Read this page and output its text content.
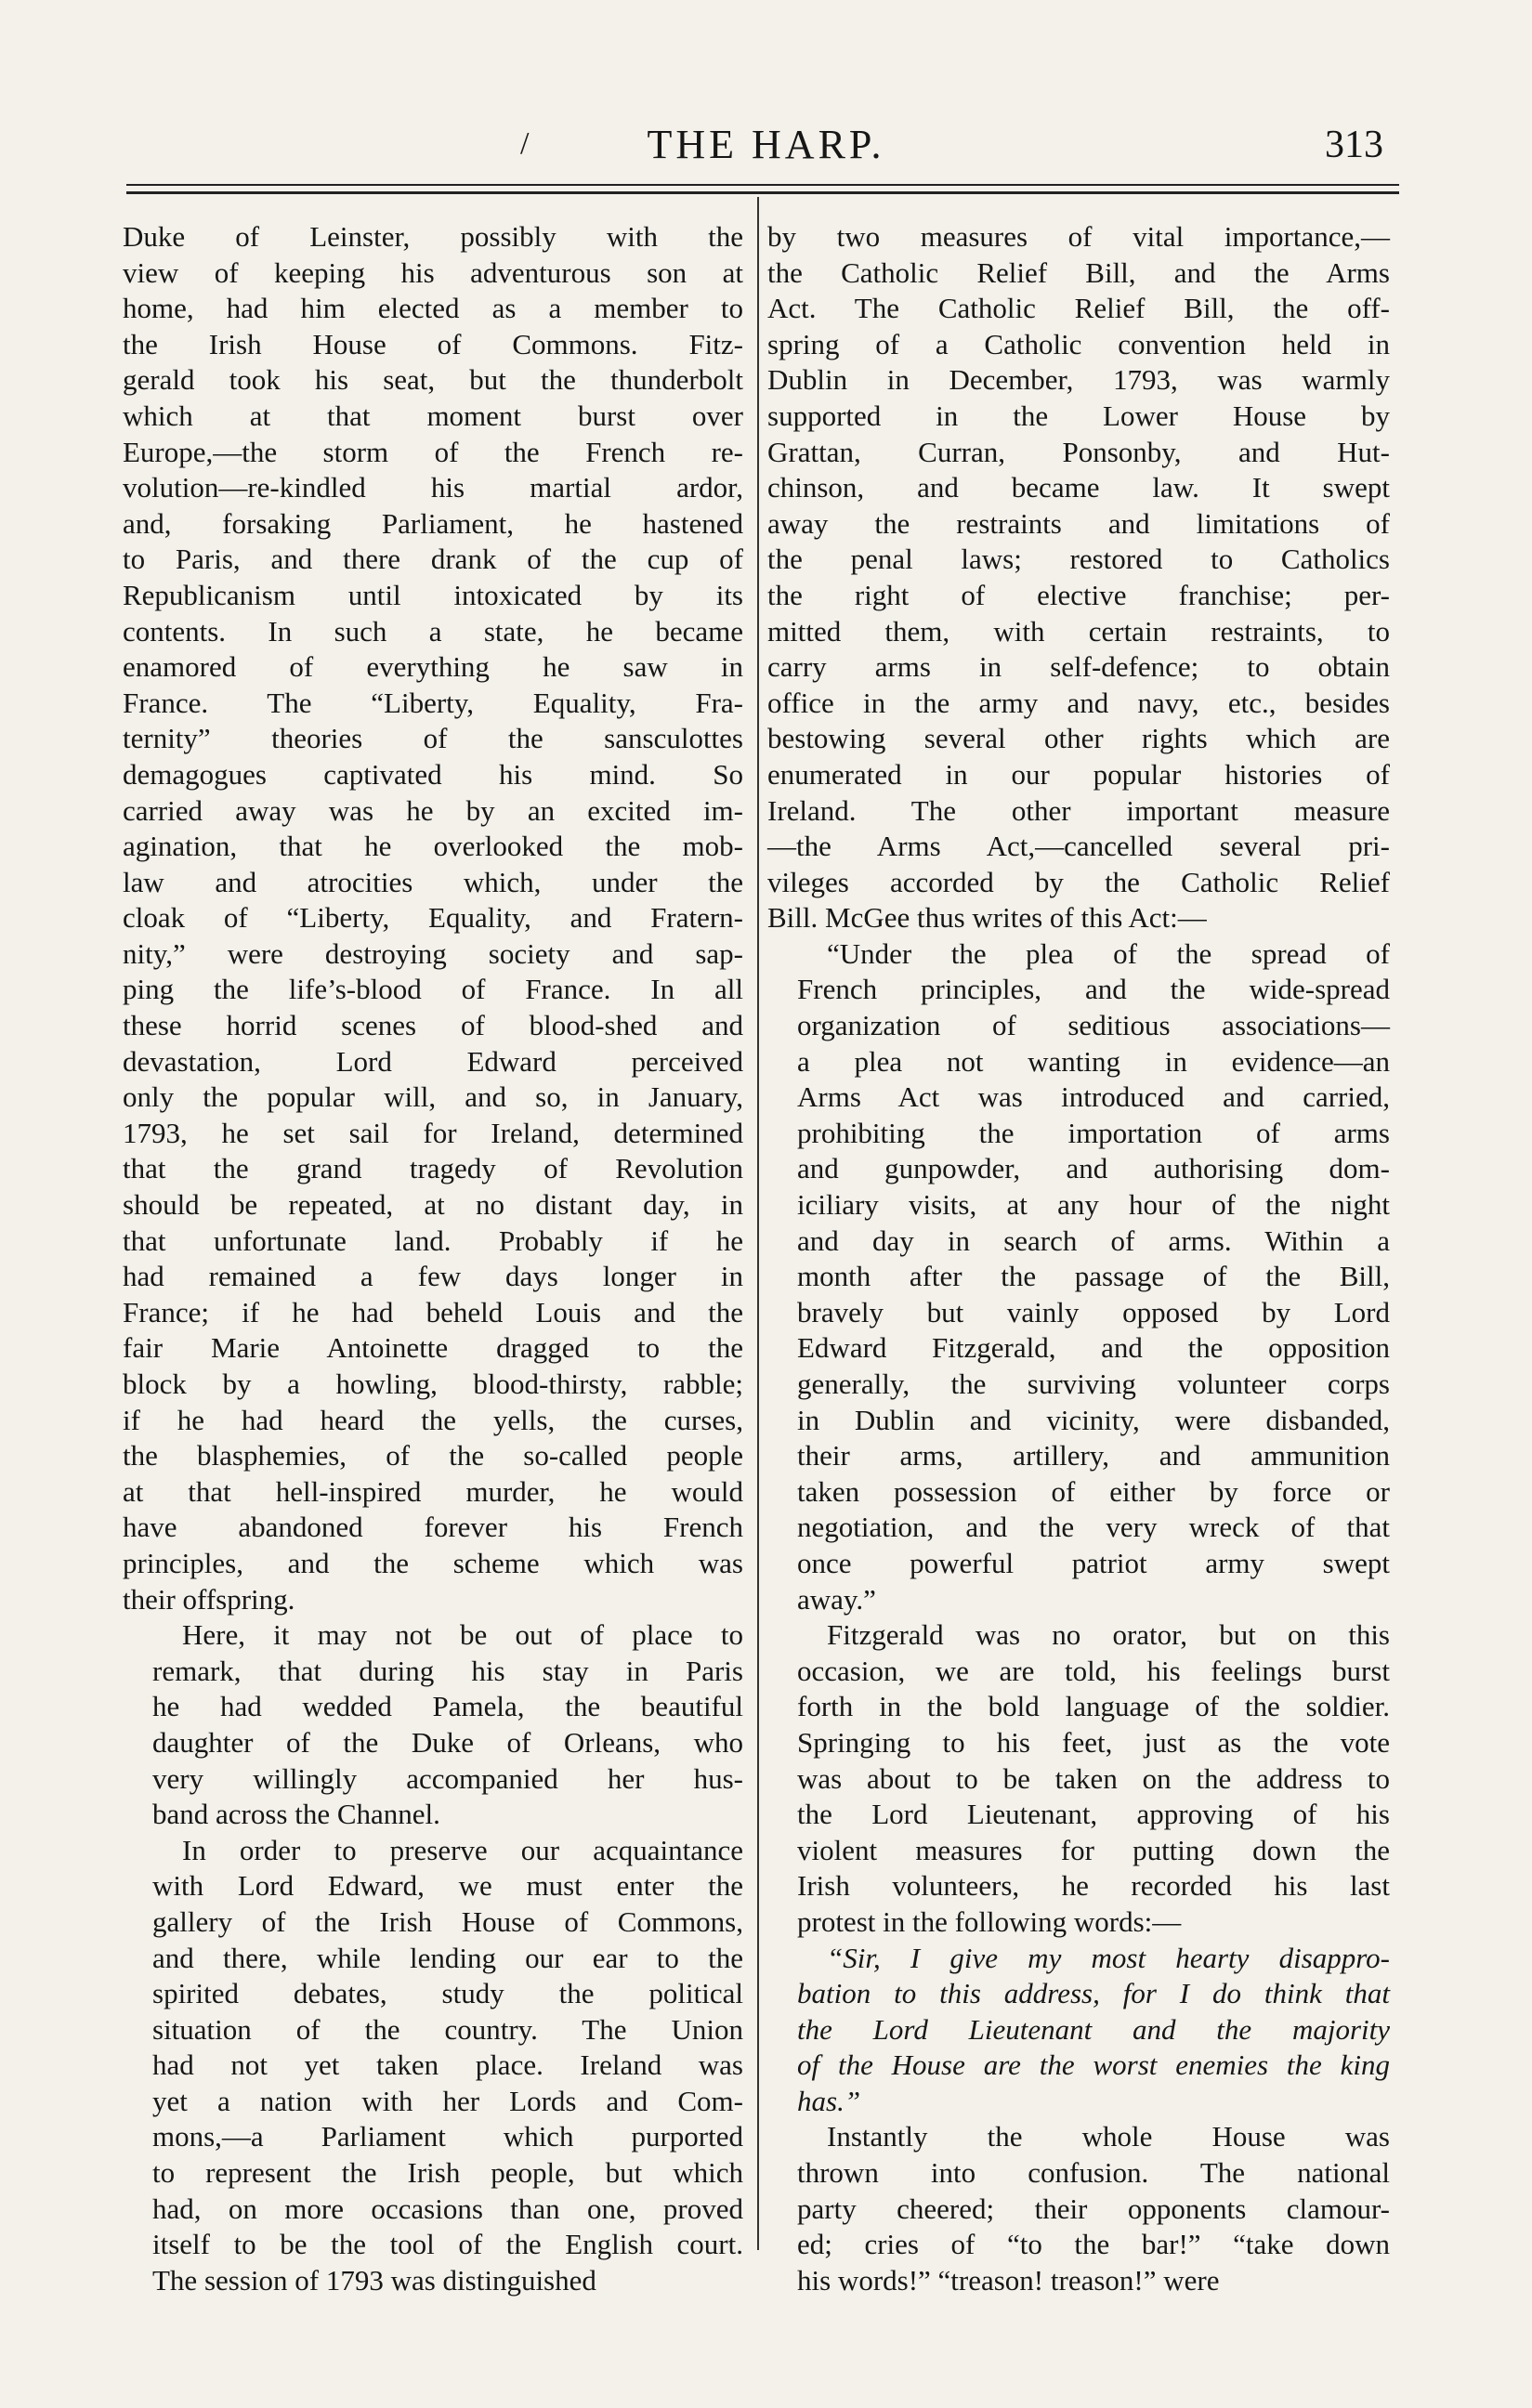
/	THE HARP.	313

Duke of Leinster, possibly with the
view of keeping his adventurous son at
home, had him elected as a member to
the Irish House of Commons. Fitz-
gerald took his seat, but the thunderbolt
which at that moment burst over
Europe,—the storm of the French re-
volution—re-kindled his martial ardor,
and, forsaking Parliament, he hastened
to Paris, and there drank of the cup of
Republicanism until intoxicated by its
contents. In such a state, he became
enamored of everything he saw in
France. The “Liberty, Equality, Fra-
ternity” theories of the sansculottes
demagogues captivated his mind. So
carried away was he by an excited im-
agination, that he overlooked the mob-
law and atrocities which, under the
cloak of “Liberty, Equality, and Fratern-
nity,” were destroying society and sap-
ping the life’s-blood of France. In all
these horrid scenes of blood-shed and
devastation, Lord Edward perceived
only the popular will, and so, in January,
1793, he set sail for Ireland, determined
that the grand tragedy of Revolution
should be repeated, at no distant day, in
that unfortunate land. Probably if he
had remained a few days longer in
France; if he had beheld Louis and the
fair Marie Antoinette dragged to the
block by a howling, blood-thirsty, rabble;
if he had heard the yells, the curses,
the blasphemies, of the so-called people
at that hell-inspired murder, he would
have abandoned forever his French
principles, and the scheme which was
their offspring.

Here, it may not be out of place to
remark, that during his stay in Paris
he had wedded Pamela, the beautiful
daughter of the Duke of Orleans, who
very willingly accompanied her hus-
band across the Channel.

In order to preserve our acquaintance
with Lord Edward, we must enter the
gallery of the Irish House of Commons,
and there, while lending our ear to the
spirited debates, study the political
situation of the country. The Union
had not yet taken place. Ireland was
yet a nation with her Lords and Com-
mons,—a Parliament which purported
to represent the Irish people, but which
had, on more occasions than one, proved
itself to be the tool of the English court.
The session of 1793 was distinguished

by two measures of vital importance,—
the Catholic Relief Bill, and the Arms
Act. The Catholic Relief Bill, the off-
spring of a Catholic convention held in
Dublin in December, 1793, was warmly
supported in the Lower House by
Grattan, Curran, Ponsonby, and Hut-
chinson, and became law. It swept
away the restraints and limitations of
the penal laws; restored to Catholics
the right of elective franchise; per-
mitted them, with certain restraints, to
carry arms in self-defence; to obtain
office in the army and navy, etc., besides
bestowing several other rights which are
enumerated in our popular histories of
Ireland. The other important measure
—the Arms Act,—cancelled several pri-
vileges accorded by the Catholic Relief
Bill. McGee thus writes of this Act:—

“Under the plea of the spread of
French principles, and the wide-spread
organization of seditious associations—
a plea not wanting in evidence—an
Arms Act was introduced and carried,
prohibiting the importation of arms
and gunpowder, and authorising dom-
iciliary visits, at any hour of the night
and day in search of arms. Within a
month after the passage of the Bill,
bravely but vainly opposed by Lord
Edward Fitzgerald, and the opposition
generally, the surviving volunteer corps
in Dublin and vicinity, were disbanded,
their arms, artillery, and ammunition
taken possession of either by force or
negotiation, and the very wreck of that
once powerful patriot army swept
away.”

Fitzgerald was no orator, but on this
occasion, we are told, his feelings burst
forth in the bold language of the soldier.
Springing to his feet, just as the vote
was about to be taken on the address to
the Lord Lieutenant, approving of his
violent measures for putting down the
Irish volunteers, he recorded his last
protest in the following words:—

“Sir, I give my most hearty disappro-
bation to this address, for I do think that
the Lord Lieutenant and the majority
of the House are the worst enemies the king
has.”

Instantly the whole House was
thrown into confusion. The national
party cheered; their opponents clamour-
ed; cries of “to the bar!” “take down
his words!” “treason! treason!” were
